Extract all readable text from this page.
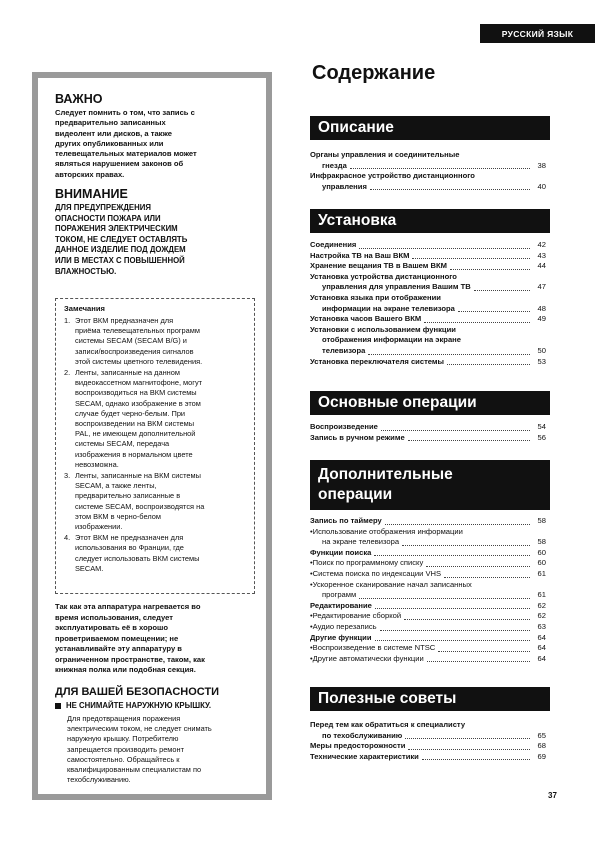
РУССКИЙ ЯЗЫК
ВАЖНО
Следует помнить о том, что запись с
предварительно записанных
видеолент или дисков, а также
других опубликованных или
телевещательных материалов может
являться нарушением законов об
авторских правах.
ВНИМАНИЕ
ДЛЯ ПРЕДУПРЕЖДЕНИЯ
ОПАСНОСТИ ПОЖАРА ИЛИ
ПОРАЖЕНИЯ ЭЛЕКТРИЧЕСКИМ
ТОКОМ, НЕ СЛЕДУЕТ ОСТАВЛЯТЬ
ДАННОЕ ИЗДЕЛИЕ ПОД ДОЖДЕМ
ИЛИ В МЕСТАХ С ПОВЫШЕННОЙ
ВЛАЖНОСТЬЮ.
Замечания
1. Этот ВКМ предназначен для
приёма телевещательных программ
системы SECAM (SECAM B/G) и
записи/воспроизведения сигналов
этой системы цветного телевидения.
2. Ленты, записанные на данном
видеокассетном магнитофоне, могут
воспроизводиться на ВКМ системы
SECAM, однако изображение в этом
случае будет черно-белым. При
воспроизведении на ВКМ системы
PAL, не имеющем дополнительной
системы SECAM, передача
изображения в нормальном цвете
невозможна.
3. Ленты, записанные на ВКМ системы
SECAM, а также ленты,
предварительно записанные в
системе SECAM, воспроизводятся на
этом ВКМ в черно-белом
изображении.
4. Этот ВКМ не предназначен для
использования во Франции, где
следует использовать ВКМ системы
SECAM.
Так как эта аппаратура нагревается во
время использования, следует
эксплуатировать её в хорошо
проветриваемом помещении; не
устанавливайте эту аппаратуру в
ограниченном пространстве, таком, как
книжная полка или подобная секция.
ДЛЯ ВАШЕЙ БЕЗОПАСНОСТИ
НЕ СНИМАЙТЕ НАРУЖНУЮ КРЫШКУ.
Для предотвращения поражения
электрическим током, не следует снимать
наружную крышку. Потребителю
запрещается производить ремонт
самостоятельно. Обращайтесь к
квалифицированным специалистам по
техобслуживанию.
Содержание
Описание
Органы управления и соединительные
гнезда	38
Инфракрасное устройство дистанционного
управления	40
Установка
Соединения	42
Настройка ТВ на Ваш ВКМ	43
Хранение вещания ТВ в Вашем ВКМ	44
Установка устройства дистанционного
управления для управления Вашим ТВ	47
Установка языка при отображении
информации на экране телевизора	48
Установка часов Вашего ВКМ	49
Установки с использованием функции
отображения информации на экране
телевизора	50
Установка переключателя системы	53
Основные операции
Воспроизведение	54
Запись в ручном режиме	56
Дополнительные
операции
Запись по таймеру	58
•Использование отображения информации
на экране телевизора	58
Функции поиска	60
•Поиск по программному списку	60
•Система поиска по индексации VHS	61
•Ускоренное сканирование начал записанных
программ	61
Редактирование	62
•Редактирование сборкой	62
•Аудио перезапись	63
Другие функции	64
•Воспроизведение в системе NTSC	64
•Другие автоматически функции	64
Полезные советы
Перед тем как обратиться к специалисту
по техобслуживанию	65
Меры предосторожности	68
Технические характеристики	69
37
